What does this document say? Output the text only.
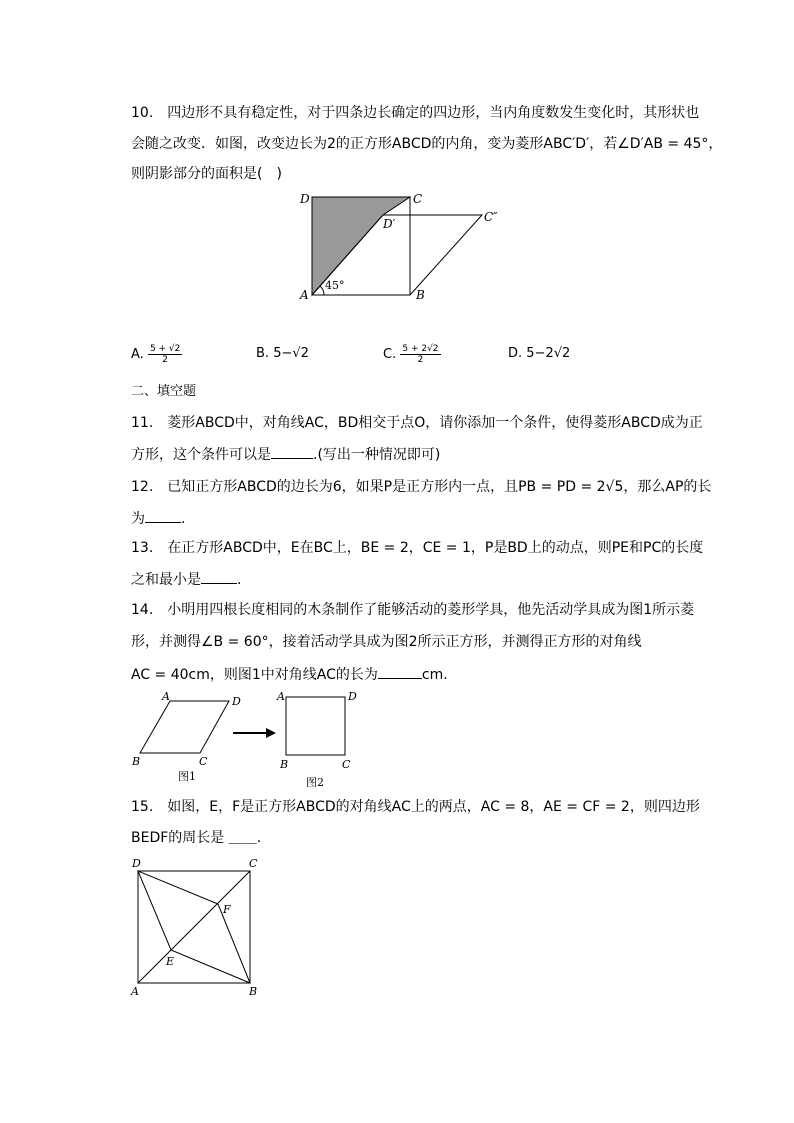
10.　四边形不具有稳定性，对于四条边长确定的四边形，当内角度数发生变化时，其形状也
会随之改变．如图，改变边长为2的正方形ABCD的内角，变为菱形ABC′D′，若∠D′AB = 45°，
则阴影部分的面积是(　)
D	C
D′	C″
A	B
45°
A. $\frac{5 + √2}{2}$	B. 5−√2	C. $\frac{5 + 2√2}{2}$	D. 5−2√2
二、填空题
11.　菱形ABCD中，对角线AC，BD相交于点O，请你添加一个条件，使得菱形ABCD成为正
方形，这个条件可以是	.(写出一种情况即可)
12.　已知正方形ABCD的边长为6，如果P是正方形内一点，且PB = PD = 2√5，那么AP的长
为	.
13.　在正方形ABCD中，E在BC上，BE = 2，CE = 1，P是BD上的动点，则PE和PC的长度
之和最小是	.
14.　小明用四根长度相同的木条制作了能够活动的菱形学具，他先活动学具成为图1所示菱
形，并测得∠B = 60°，接着活动学具成为图2所示正方形，并测得正方形的对角线
AC = 40cm，则图1中对角线AC的长为	cm.
A	D
B	C
图1
A	D
B	C
图2
15.　如图，E，F是正方形ABCD的对角线AC上的两点，AC = 8，AE = CF = 2，则四边形
BEDF的周长是 ＿＿.
D	C
F
E
A	B
